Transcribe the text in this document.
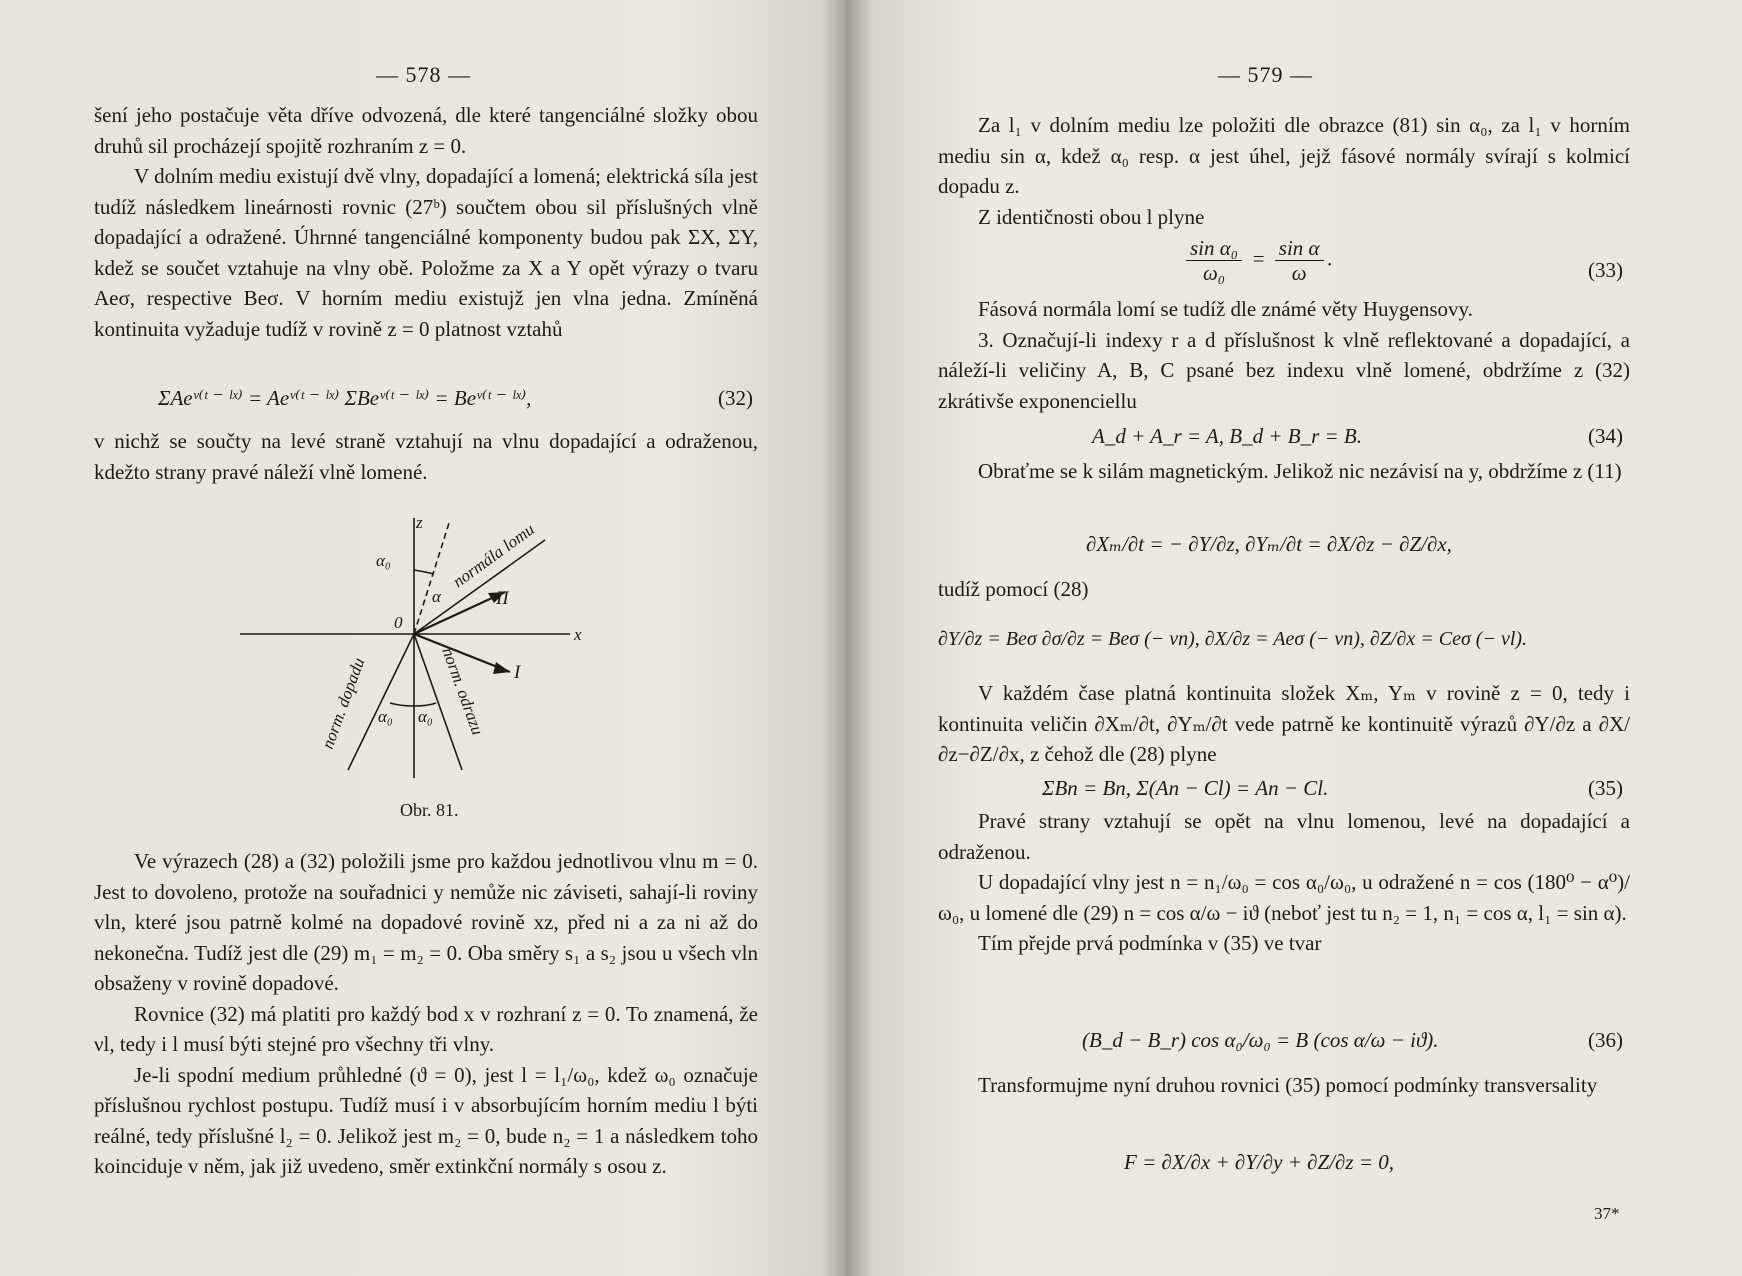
— 578 —

šení jeho postačuje věta dříve odvozená, dle které tangenciálné složky obou druhů sil procházejí spojitě rozhraním z = 0.

V dolním mediu existují dvě vlny, dopadající a lomená; elektrická síla jest tudíž následkem lineárnosti rovnic (27ᵇ) součtem obou sil příslušných vlně dopadající a odražené. Úhrnné tangenciálné komponenty budou pak ΣX, ΣY, kdež se součet vztahuje na vlny obě. Položme za X a Y opět výrazy o tvaru Aeσ, respective Beσ. V horním mediu existujž jen vlna jedna. Zmíněná kontinuita vyžaduje tudíž v rovině z = 0 platnost vztahů

ΣAeᵛ⁽ᵗ ⁻ ˡˣ⁾ = Aeᵛ⁽ᵗ ⁻ ˡˣ⁾ ΣBeᵛ⁽ᵗ ⁻ ˡˣ⁾ = Beᵛ⁽ᵗ ⁻ ˡˣ⁾,	(32)

v nichž se součty na levé straně vztahují na vlnu dopadající a odraženou, kdežto strany pravé náleží vlně lomené.

z
x
0
α₀
α
normála lomu
II
I
norm. dopadu	norm. odrazu
α₀ α₀
Obr. 81.

Ve výrazech (28) a (32) položili jsme pro každou jednotlivou vlnu m = 0. Jest to dovoleno, protože na souřadnici y nemůže nic záviseti, sahají-li roviny vln, které jsou patrně kolmé na dopadové rovině xz, před ni a za ni až do nekonečna. Tudíž jest dle (29) m₁ = m₂ = 0. Oba směry s₁ a s₂ jsou u všech vln obsaženy v rovině dopadové.

Rovnice (32) má platiti pro každý bod x v rozhraní z = 0. To znamená, že νl, tedy i l musí býti stejné pro všechny tři vlny.

Je-li spodní medium průhledné (ϑ = 0), jest l = l₁/ω₀, kdež ω₀ označuje příslušnou rychlost postupu. Tudíž musí i v absorbujícím horním mediu l býti reálné, tedy příslušné l₂ = 0. Jelikož jest m₂ = 0, bude n₂ = 1 a následkem toho koinciduje v něm, jak již uvedeno, směr extinkční normály s osou z.

— 579 —

Za l₁ v dolním mediu lze položiti dle obrazce (81) sin α₀, za l₁ v horním mediu sin α, kdež α₀ resp. α jest úhel, jejž fásové normály svírají s kolmicí dopadu z.

Z identičnosti obou l plyne

$\frac{\text{sin α₀}}{\text{ω₀}} = \frac{\text{sin α}}{\omega}$ .	(33)

Fásová normála lomí se tudíž dle známé věty Huygensovy.

3. Označují-li indexy r a d příslušnost k vlně reflektované a dopadající, a náleží-li veličiny A, B, C psané bez indexu vlně lomené, obdržíme z (32) zkrátivše exponenciellu

A_d + A_r = A, B_d + B_r = B.	(34)

Obraťme se k silám magnetickým. Jelikož nic nezávisí na y, obdržíme z (11)

∂Xₘ/∂t = − ∂Y/∂z, ∂Yₘ/∂t = ∂X/∂z − ∂Z/∂x,

tudíž pomocí (28)

∂Y/∂z = Beσ ∂σ/∂z = Beσ (− νn), ∂X/∂z = Aeσ (− νn), ∂Z/∂x = Ceσ (− νl).

V každém čase platná kontinuita složek Xₘ, Yₘ v rovině z = 0, tedy i kontinuita veličin ∂Xₘ/∂t, ∂Yₘ/∂t vede patrně ke kontinuitě výrazů ∂Y/∂z a ∂X/∂z−∂Z/∂x, z čehož dle (28) plyne

ΣBn = Bn, Σ(An − Cl) = An − Cl.	(35)

Pravé strany vztahují se opět na vlnu lomenou, levé na dopadající a odraženou.

U dopadající vlny jest n = n₁/ω₀ = cos α₀/ω₀, u odražené n = cos (180⁰ − α⁰)/ω₀, u lomené dle (29) n = cos α/ω − iϑ (neboť jest tu n₂ = 1, n₁ = cos α, l₁ = sin α).

Tím přejde prvá podmínka v (35) ve tvar

(B_d − B_r) cos α₀/ω₀ = B (cos α/ω − iϑ).	(36)

Transformujme nyní druhou rovnici (35) pomocí podmínky transversality

F = ∂X/∂x + ∂Y/∂y + ∂Z/∂z = 0,
37*
